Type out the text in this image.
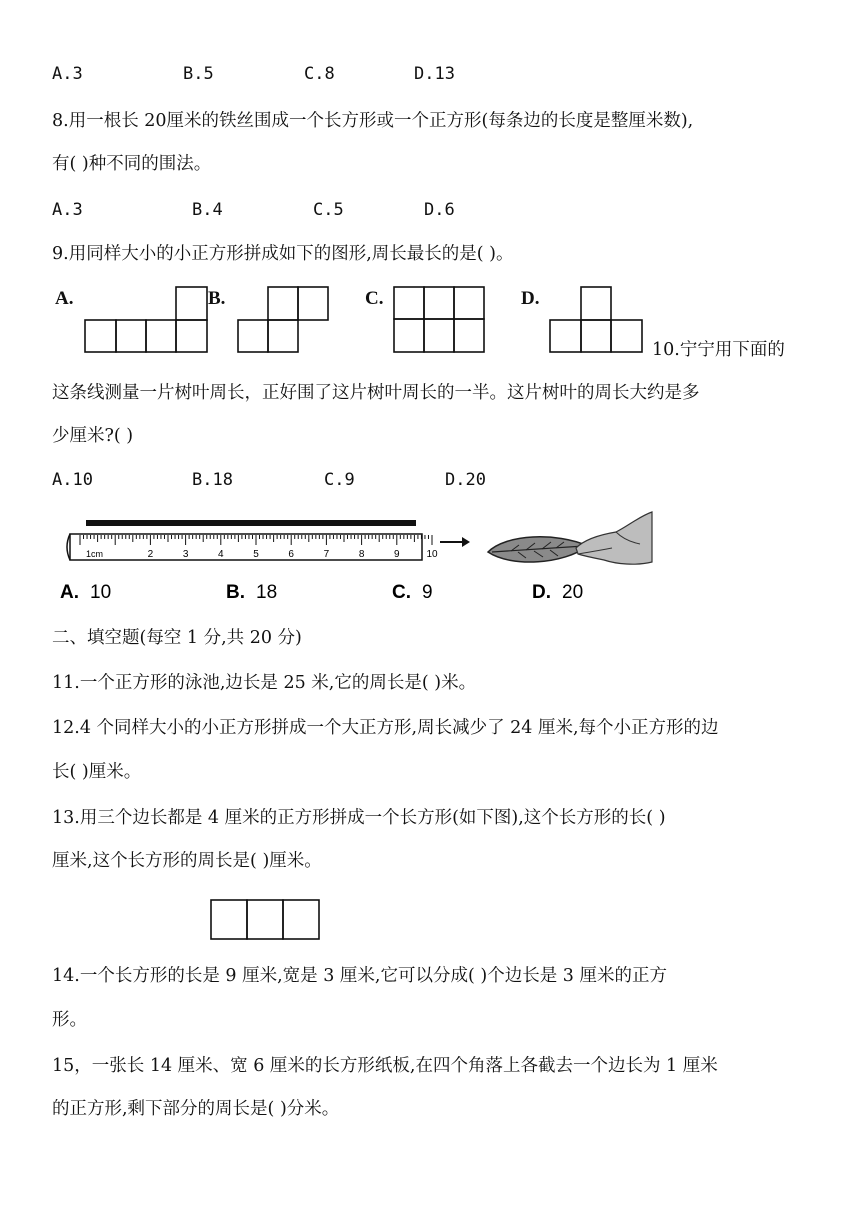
A.3	B.5	C.8	D.13
8.用一根长 20厘米的铁丝围成一个长方形或一个正方形(每条边的长度是整厘米数),
有( )种不同的围法。
A.3	B.4	C.5	D.6
9.用同样大小的小正方形拼成如下的图形,周长最长的是( )。
A.	B.	C.	D.
10.宁宁用下面的
这条线测量一片树叶周长，正好围了这片树叶周长的一半。这片树叶的周长大约是多
少厘米?( )
A.10	B.18	C.9	D.20
1cm	2	3	4	5	6	7	8	9	10
A. 10	B. 18	C. 9	D. 20
二、填空题(每空 1 分,共 20 分)
11.一个正方形的泳池,边长是 25 米,它的周长是( )米。
12.4 个同样大小的小正方形拼成一个大正方形,周长减少了 24 厘米,每个小正方形的边
长( )厘米。
13.用三个边长都是 4 厘米的正方形拼成一个长方形(如下图),这个长方形的长( )
厘米,这个长方形的周长是( )厘米。
14.一个长方形的长是 9 厘米,宽是 3 厘米,它可以分成( )个边长是 3 厘米的正方
形。
15，一张长 14 厘米、宽 6 厘米的长方形纸板,在四个角落上各截去一个边长为 1 厘米
的正方形,剩下部分的周长是( )分米。
